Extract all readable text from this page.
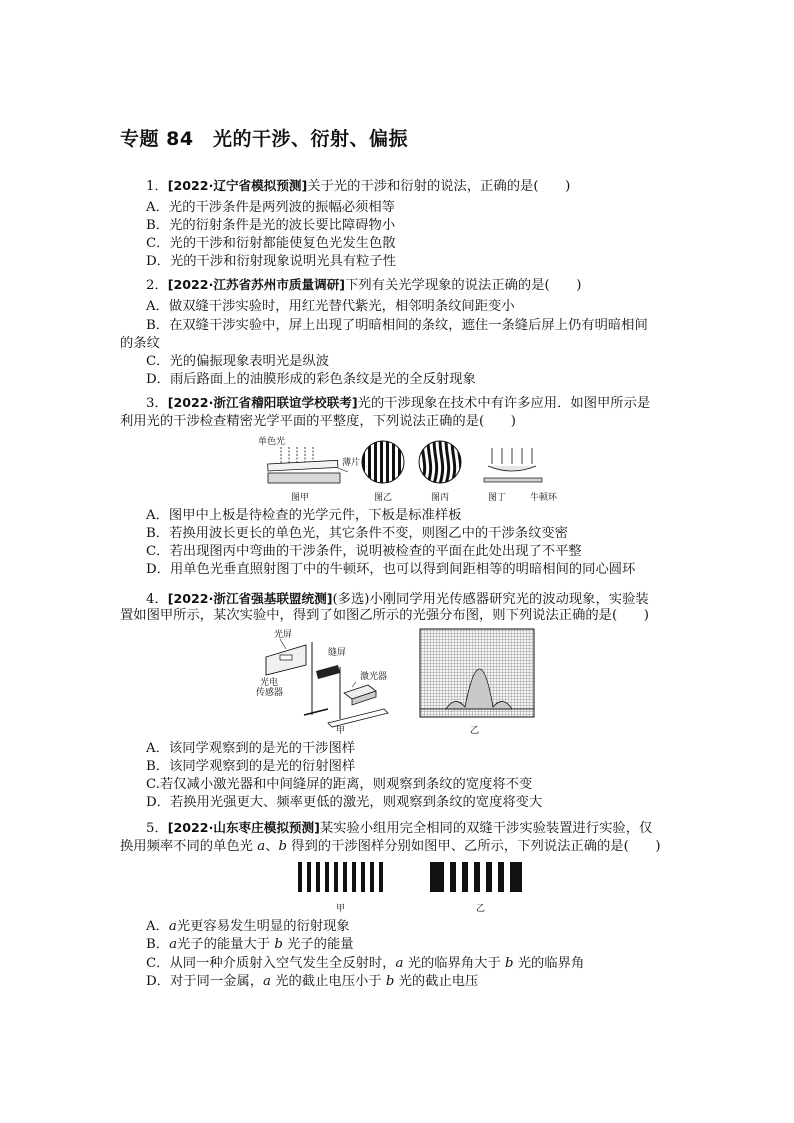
专题 84　光的干涉、衍射、偏振
1．[2022·辽宁省模拟预测]关于光的干涉和衍射的说法，正确的是(　　)
A．光的干涉条件是两列波的振幅必须相等
B．光的衍射条件是光的波长要比障碍物小
C．光的干涉和衍射都能使复色光发生色散
D．光的干涉和衍射现象说明光具有粒子性
2．[2022·江苏省苏州市质量调研]下列有关光学现象的说法正确的是(　　)
A．做双缝干涉实验时，用红光替代紫光，相邻明条纹间距变小
B．在双缝干涉实验中，屏上出现了明暗相间的条纹，遮住一条缝后屏上仍有明暗相间
的条纹
C．光的偏振现象表明光是纵波
D．雨后路面上的油膜形成的彩色条纹是光的全反射现象
3．[2022·浙江省稽阳联谊学校联考]光的干涉现象在技术中有许多应用．如图甲所示是
利用光的干涉检查精密光学平面的平整度，下列说法正确的是(　　)
单色光
薄片
图甲	图乙	图丙	图丁	牛顿环
A．图甲中上板是待检查的光学元件，下板是标准样板
B．若换用波长更长的单色光，其它条件不变，则图乙中的干涉条纹变密
C．若出现图丙中弯曲的干涉条件，说明被检查的平面在此处出现了不平整
D．用单色光垂直照射图丁中的牛顿环，也可以得到间距相等的明暗相间的同心圆环
4．[2022·浙江省强基联盟统测](多选)小刚同学用光传感器研究光的波动现象，实验装
置如图甲所示，某次实验中，得到了如图乙所示的光强分布图，则下列说法正确的是(　　)
光屏
光电
传感器
缝屏
激光器
甲	乙
A．该同学观察到的是光的干涉图样
B．该同学观察到的是光的衍射图样
C.若仅减小激光器和中间缝屏的距离，则观察到条纹的宽度将不变
D．若换用光强更大、频率更低的激光，则观察到条纹的宽度将变大
5．[2022·山东枣庄模拟预测]某实验小组用完全相同的双缝干涉实验装置进行实验，仅
换用频率不同的单色光 a、b 得到的干涉图样分别如图甲、乙所示，下列说法正确的是(　　)
甲	乙
A．a光更容易发生明显的衍射现象
B．a光子的能量大于 b 光子的能量
C．从同一种介质射入空气发生全反射时，a 光的临界角大于 b 光的临界角
D．对于同一金属，a 光的截止电压小于 b 光的截止电压
